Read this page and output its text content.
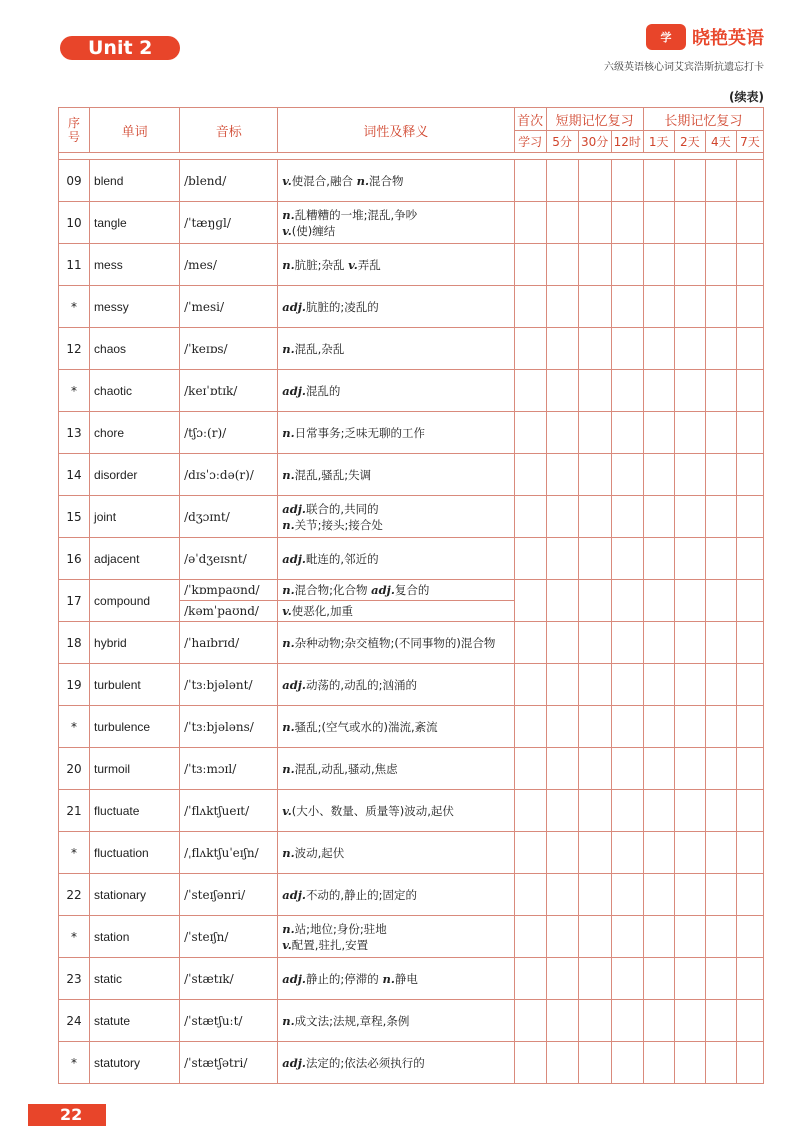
Unit 2	学	晓艳英语
六级英语核心词艾宾浩斯抗遗忘打卡
(续表)
序号	单词	音标	词性及释义	首次	短期记忆复习			长期记忆复习			
				学习	5分	30分	12时	1天	2天	4天	7天

09	blend	/blend/	v.使混合,融合 n.混合物								
10	tangle	/ˈtæŋɡl/	n.乱糟糟的一堆;混乱,争吵
v.(使)缠结								
11	mess	/mes/	n.肮脏;杂乱 v.弄乱								
*	messy	/ˈmesi/	adj.肮脏的;凌乱的								
12	chaos	/ˈkeɪɒs/	n.混乱,杂乱								
*	chaotic	/keɪˈɒtɪk/	adj.混乱的								
13	chore	/tʃɔː(r)/	n.日常事务;乏味无聊的工作								
14	disorder	/dɪsˈɔːdə(r)/	n.混乱,骚乱;失调								
15	joint	/dʒɔɪnt/	adj.联合的,共同的
n.关节;接头;接合处								
16	adjacent	/əˈdʒeɪsnt/	adj.毗连的,邻近的								
17	compound	/ˈkɒmpaʊnd/	n.混合物;化合物 adj.复合的								
		/kəmˈpaʊnd/	v.使恶化,加重								
18	hybrid	/ˈhaɪbrɪd/	n.杂种动物;杂交植物;(不同事物的)混合物								
19	turbulent	/ˈtɜːbjələnt/	adj.动荡的,动乱的;汹涌的								
*	turbulence	/ˈtɜːbjələns/	n.骚乱;(空气或水的)湍流,紊流								
20	turmoil	/ˈtɜːmɔɪl/	n.混乱,动乱,骚动,焦虑								
21	fluctuate	/ˈflʌktʃueɪt/	v.(大小、数量、质量等)波动,起伏								
*	fluctuation	/ˌflʌktʃuˈeɪʃn/	n.波动,起伏								
22	stationary	/ˈsteɪʃənri/	adj.不动的,静止的;固定的								
*	station	/ˈsteɪʃn/	n.站;地位;身份;驻地
v.配置,驻扎,安置								
23	static	/ˈstætɪk/	adj.静止的;停滞的 n.静电								
24	statute	/ˈstætʃuːt/	n.成文法;法规,章程,条例								
*	statutory	/ˈstætʃətri/	adj.法定的;依法必须执行的								
22
